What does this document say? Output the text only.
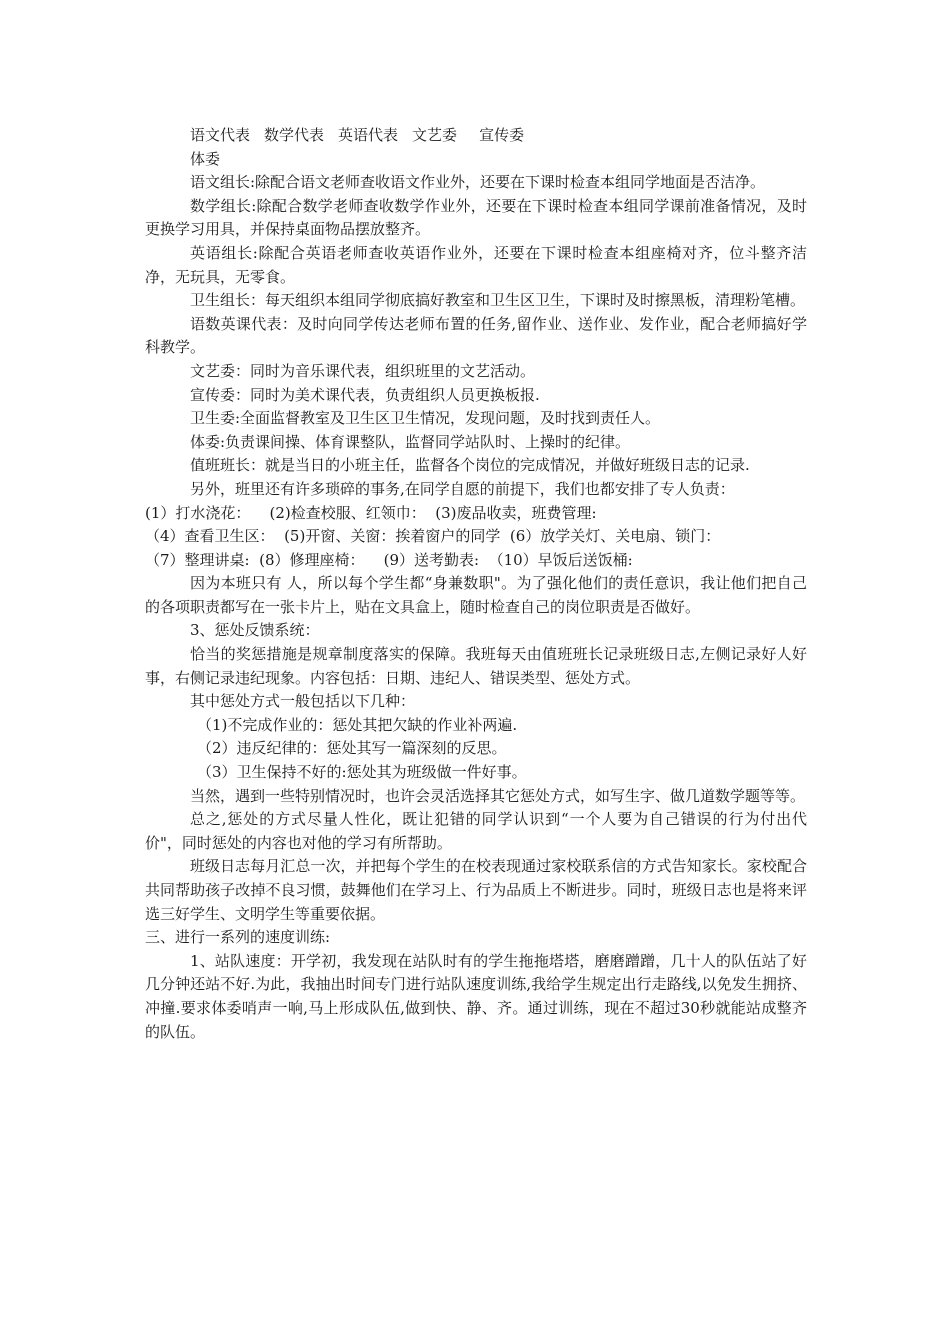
语文代表 数学代表 英语代表 文艺委 宣传委
体委

语文组长:除配合语文老师查收语文作业外，还要在下课时检查本组同学地面是否洁净。

数学组长:除配合数学老师查收数学作业外，还要在下课时检查本组同学课前准备情况，及时更换学习用具，并保持桌面物品摆放整齐。

英语组长:除配合英语老师查收英语作业外，还要在下课时检查本组座椅对齐，位斗整齐洁净，无玩具，无零食。

卫生组长：每天组织本组同学彻底搞好教室和卫生区卫生，下课时及时擦黑板，清理粉笔槽。

语数英课代表：及时向同学传达老师布置的任务,留作业、送作业、发作业，配合老师搞好学科教学。

文艺委：同时为音乐课代表，组织班里的文艺活动。

宣传委：同时为美术课代表，负责组织人员更换板报.

卫生委:全面监督教室及卫生区卫生情况，发现问题，及时找到责任人。

体委:负责课间操、体育课整队，监督同学站队时、上操时的纪律。

值班班长：就是当日的小班主任，监督各个岗位的完成情况，并做好班级日志的记录.

另外，班里还有许多琐碎的事务,在同学自愿的前提下，我们也都安排了专人负责：

(1）打水浇花：    (2)检查校服、红领巾：  (3)废品收卖，班费管理:
（4）查看卫生区：  (5)开窗、关窗：挨着窗户的同学  (6）放学关灯、关电扇、锁门：
（7）整理讲桌:  (8）修理座椅：    (9）送考勤表:  （10）早饭后送饭桶:

因为本班只有 人，所以每个学生都“身兼数职"。为了强化他们的责任意识，我让他们把自己的各项职责都写在一张卡片上，贴在文具盒上，随时检查自己的岗位职责是否做好。

3、惩处反馈系统：

恰当的奖惩措施是规章制度落实的保障。我班每天由值班班长记录班级日志,左侧记录好人好事，右侧记录违纪现象。内容包括：日期、违纪人、错误类型、惩处方式。

其中惩处方式一般包括以下几种：

（1)不完成作业的：惩处其把欠缺的作业补两遍.

（2）违反纪律的：惩处其写一篇深刻的反思。

（3）卫生保持不好的:惩处其为班级做一件好事。

当然，遇到一些特别情况时，也许会灵活选择其它惩处方式，如写生字、做几道数学题等等。

总之,惩处的方式尽量人性化，既让犯错的同学认识到“一个人要为自己错误的行为付出代价"，同时惩处的内容也对他的学习有所帮助。

班级日志每月汇总一次，并把每个学生的在校表现通过家校联系信的方式告知家长。家校配合共同帮助孩子改掉不良习惯，鼓舞他们在学习上、行为品质上不断进步。同时，班级日志也是将来评选三好学生、文明学生等重要依据。

三、进行一系列的速度训练:

1、站队速度：开学初，我发现在站队时有的学生拖拖塔塔，磨磨蹭蹭，几十人的队伍站了好几分钟还站不好.为此，我抽出时间专门进行站队速度训练,我给学生规定出行走路线,以免发生拥挤、冲撞.要求体委哨声一响,马上形成队伍,做到快、静、齐。通过训练，现在不超过30秒就能站成整齐的队伍。
